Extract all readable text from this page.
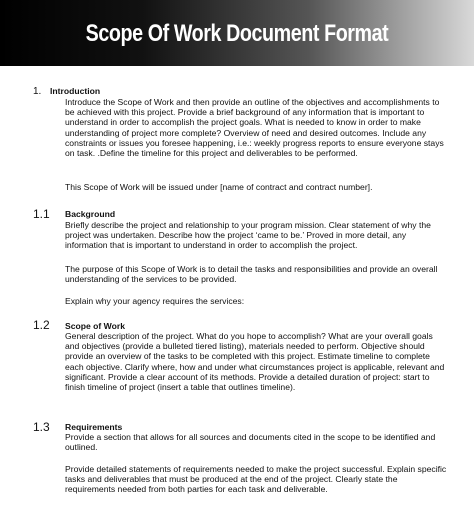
Scope Of Work Document Format
1. Introduction

Introduce the Scope of Work and then provide an outline of the objectives and accomplishments to be achieved with this project. Provide a brief background of any information that is important to understand in order to accomplish the project goals. What is needed to know in order to make understanding of project more complete? Overview of need and desired outcomes. Include any constraints or issues you foresee happening, i.e.: weekly progress reports to ensure everyone stays on task. .Define the timeline for this project and deliverables to be performed.

This Scope of Work will be issued under [name of contract and contract number].

1.1 Background

Briefly describe the project and relationship to your program mission. Clear statement of why the project was undertaken. Describe how the project ‘came to be.’ Proved in more detail, any information that is important to understand in order to accomplish the project.

The purpose of this Scope of Work is to detail the tasks and responsibilities and provide an overall understanding of the services to be provided.

Explain why your agency requires the services:

1.2 Scope of Work

General description of the project. What do you hope to accomplish? What are your overall goals and objectives (provide a bulleted tiered listing), materials needed to perform. Objective should provide an overview of the tasks to be completed with this project. Estimate timeline to complete each objective. Clarify where, how and under what circumstances project is applicable, relevant and significant. Provide a clear account of its methods. Provide a detailed duration of project: start to finish timeline of project (insert a table that outlines timeline).

1.3 Requirements

Provide a section that allows for all sources and documents cited in the scope to be identified and outlined.

Provide detailed statements of requirements needed to make the project successful. Explain specific tasks and deliverables that must be produced at the end of the project. Clearly state the requirements needed from both parties for each task and deliverable.
